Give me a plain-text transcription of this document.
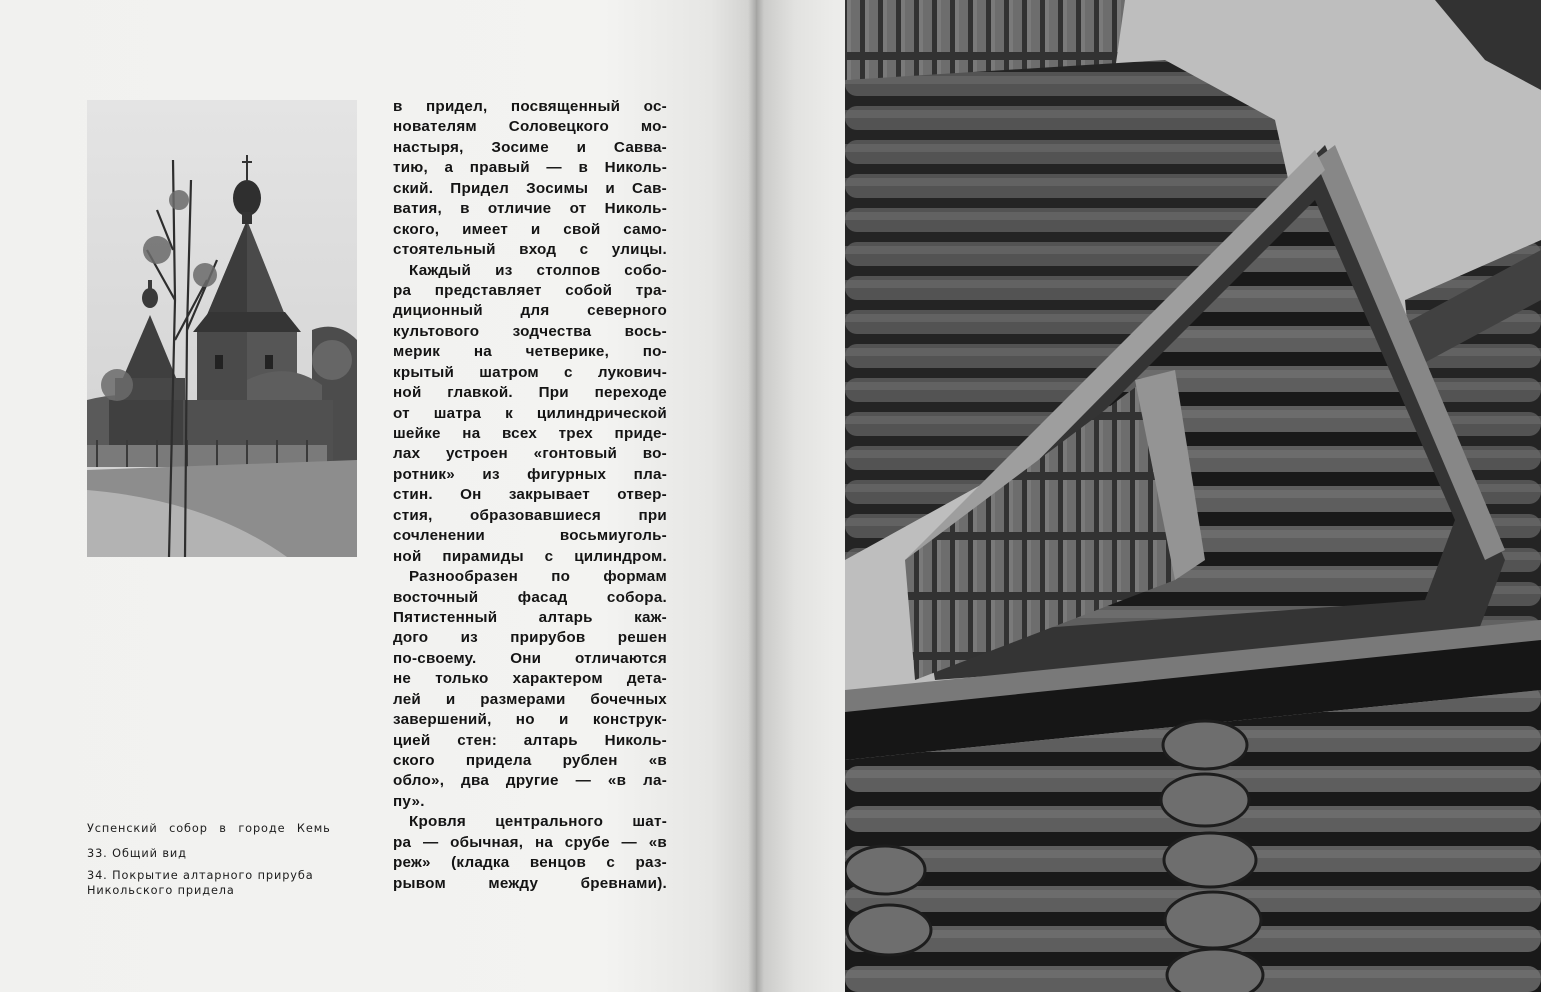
в придел, посвященный ос-
нователям Соловецкого мо-
настыря, Зосиме и Савва-
тию, а правый — в Николь-
ский. Придел Зосимы и Сав-
ватия, в отличие от Николь-
ского, имеет и свой само-
стоятельный вход с улицы.
Каждый из столпов собо-
ра представляет собой тра-
диционный для северного
культового зодчества вось-
мерик на четверике, по-
крытый шатром с лукович-
ной главкой. При переходе
от шатра к цилиндрической
шейке на всех трех приде-
лах устроен «гонтовый во-
ротник» из фигурных пла-
стин. Он закрывает отвер-
стия, образовавшиеся при
сочленении восьмиуголь-
ной пирамиды с цилиндром.
Разнообразен по формам
восточный фасад собора.
Пятистенный алтарь каж-
дого из прирубов решен
по-своему. Они отличаются
не только характером дета-
лей и размерами бочечных
завершений, но и конструк-
цией стен: алтарь Николь-
ского придела рублен «в
обло», два другие — «в ла-
пу».
Кровля центрального шат-
ра — обычная, на срубе — «в
реж» (кладка венцов с раз-
рывом между бревнами).
Успенский собор в городе Кемь
33. Общий вид
34. Покрытие алтарного прируба
Никольского придела
